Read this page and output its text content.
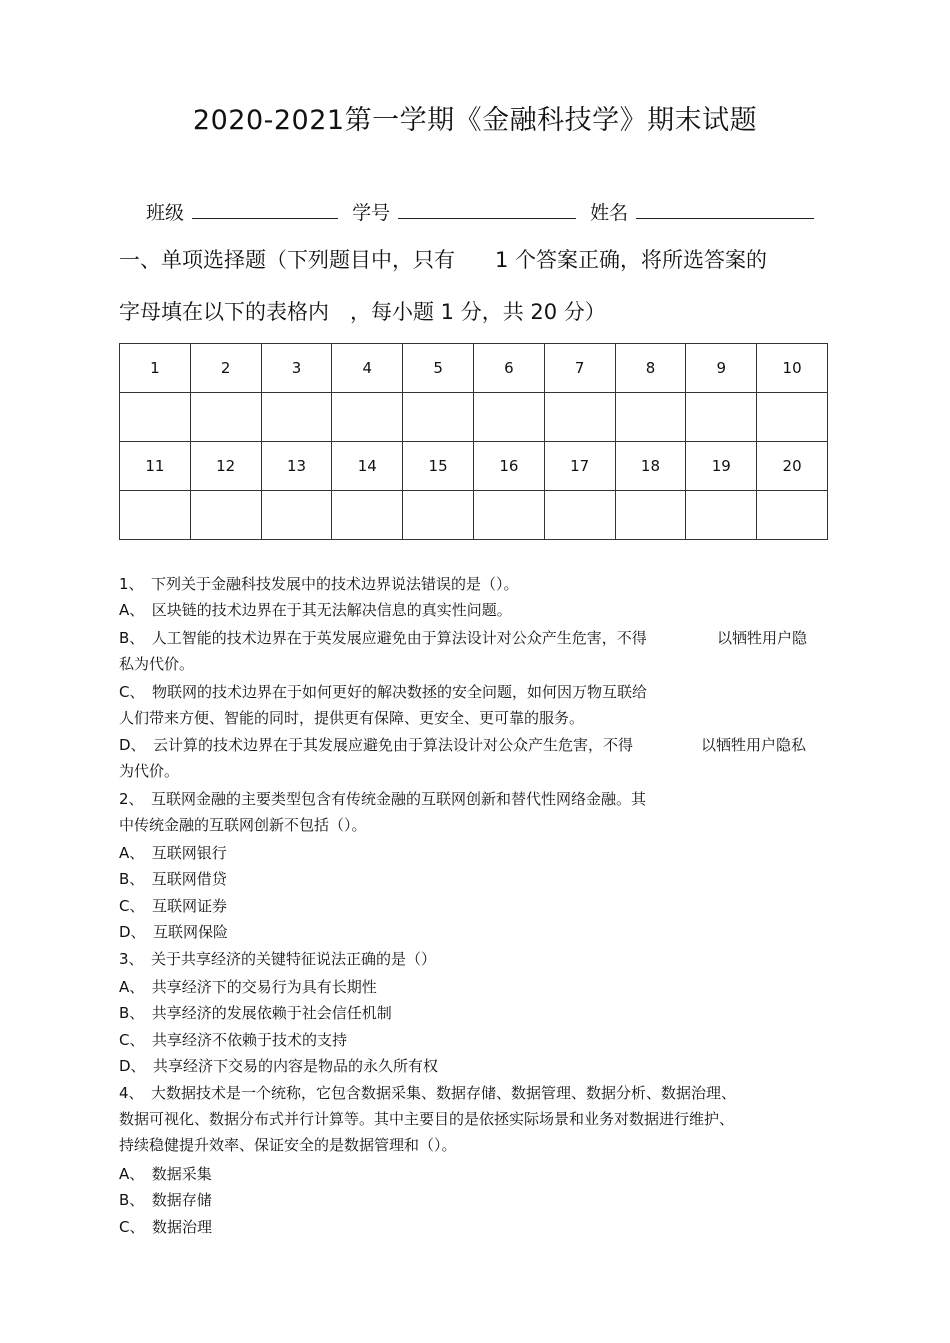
2020-2021第一学期《金融科技学》期末试题
班级	学号	姓名
一、单项选择题（下列题目中，只有 1 个答案正确，将所选答案的
字母填在以下的表格内　，每小题 1 分，共 20 分）
1	2	3	4	5	6	7	8	9	10

11	12	13	14	15	16	17	18	19	20

1、　下列关于金融科技发展中的技术边界说法错误的是（）。
A、　区块链的技术边界在于其无法解决信息的真实性问题。
B、　人工智能的技术边界在于英发展应避免由于算法设计对公众产生危害，不得	以牺牲用户隐
私为代价。
C、　物联网的技术边界在于如何更好的解决数拯的安全问题，如何因万物互联给
人们带来方便、智能的同时，提供更有保障、更安全、更可靠的服务。
D、　云计算的技术边界在于其发展应避免由于算法设计对公众产生危害，不得	以牺牲用户隐私
为代价。
2、　互联网金融的主要类型包含有传统金融的互联网创新和替代性网络金融。其
中传统金融的互联网创新不包括（）。
A、　互联网银行
B、　互联网借贷
C、　互联网证券
D、　互联网保险
3、　关于共享经济的关键特征说法正确的是（）
A、　共享经济下的交易行为具有长期性
B、　共享经济的发展依赖于社会信任机制
C、　共享经济不依赖于技术的支持
D、　共享经济下交易的内容是物品的永久所有权
4、　大数据技术是一个统称，它包含数据采集、数据存储、数据管理、数据分析、数据治理、
数据可视化、数据分布式并行计算等。其中主要目的是依拯实际场景和业务对数据进行维护、
持续稳健提升效率、保证安全的是数据管理和（）。
A、　数据采集
B、　数据存储
C、　数据治理
